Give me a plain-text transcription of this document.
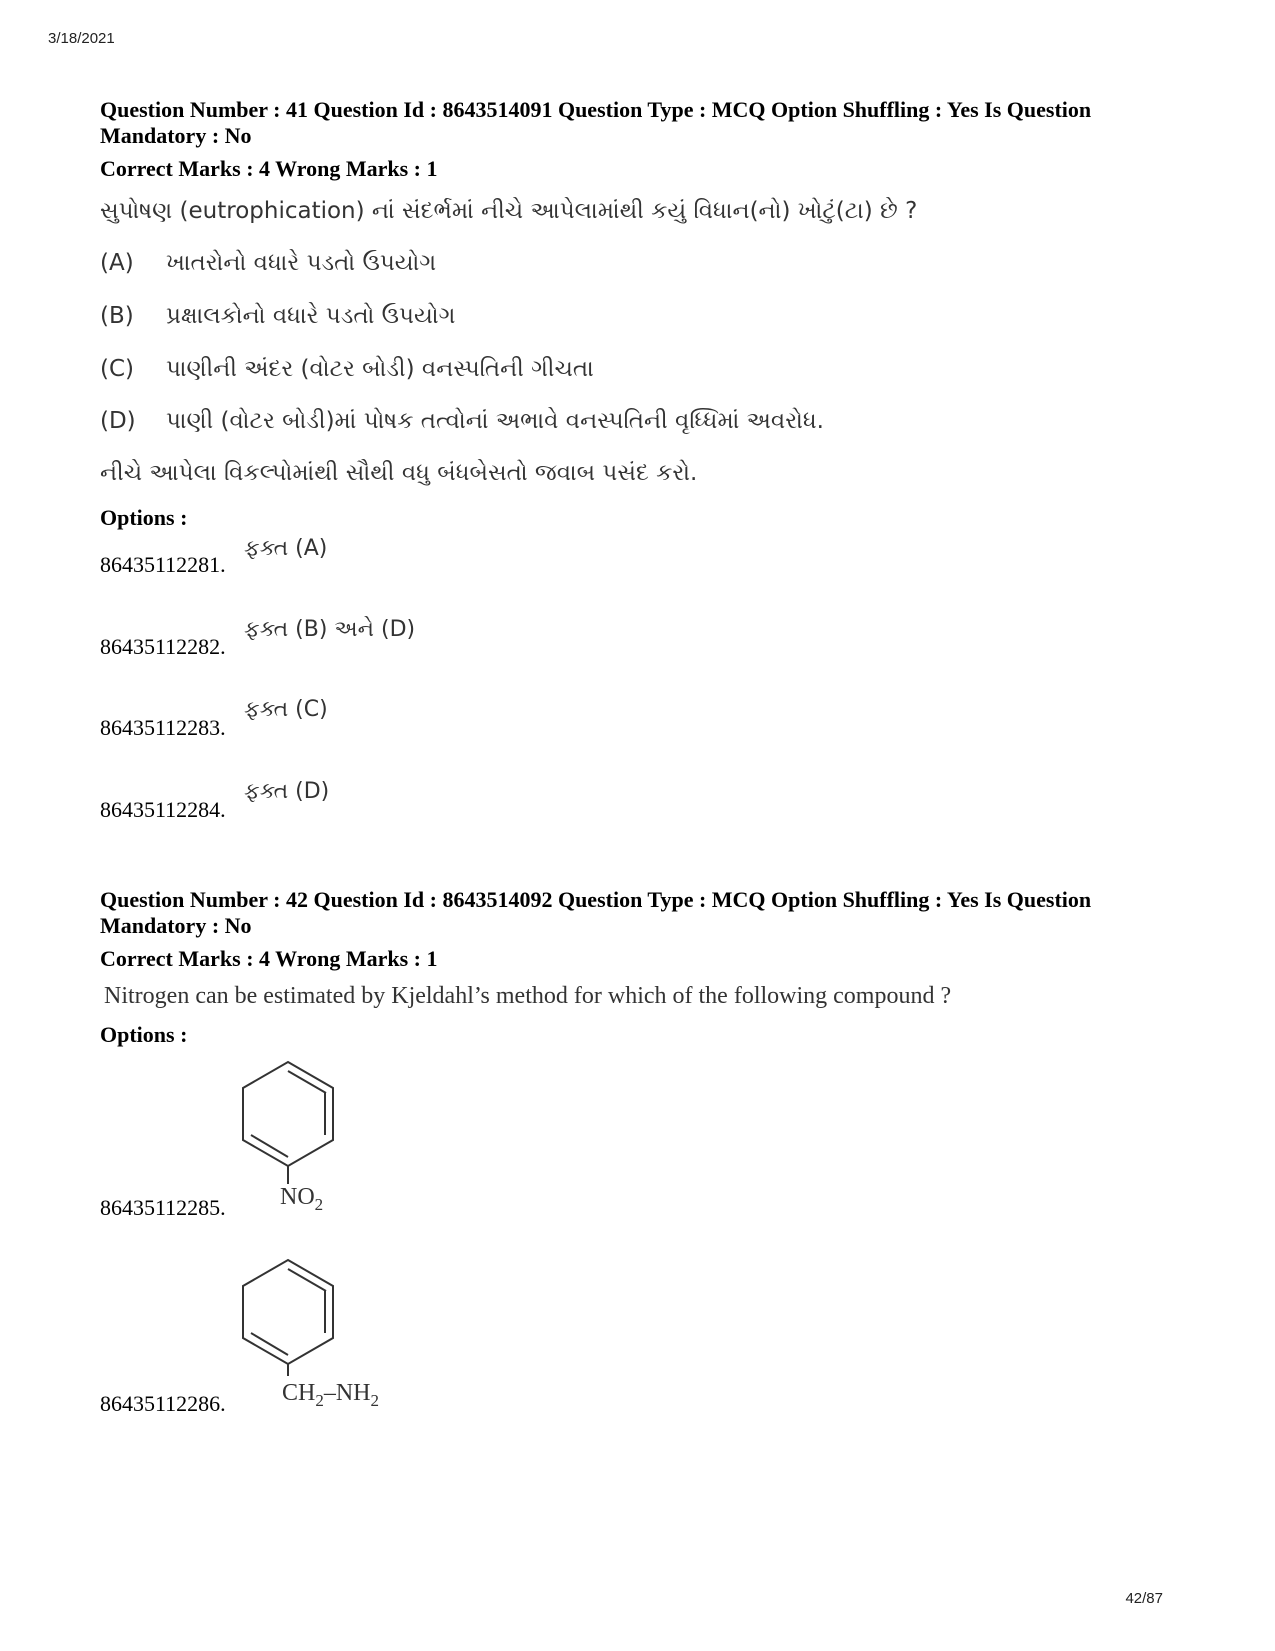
3/18/2021
Question Number : 41 Question Id : 8643514091 Question Type : MCQ Option Shuffling : Yes Is Question
Mandatory : No
Correct Marks : 4 Wrong Marks : 1
સુપોષણ (eutrophication) નાં સંદર્ભમાં નીચે આપેલામાંથી કયું વિધાન(નો) ખોટું(ટા) છે ?
(A) ખાતરોનો વધારે પડતો ઉપયોગ
(B) પ્રક્ષાલકોનો વધારે પડતો ઉપયોગ
(C) પાણીની અંદર (વોટર બોડી) વનસ્પતિની ગીચતા
(D) પાણી (વોટર બોડી)માં પોષક તત્વોનાં અભાવે વનસ્પતિની વૃધ્ધિમાં અવરોધ.
નીચે આપેલા વિકલ્પોમાંથી સૌથી વધુ બંધબેસતો જવાબ પસંદ કરો.
Options :
86435112281.
ફક્ત (A)
86435112282.
ફક્ત (B) અને (D)
86435112283.
ફક્ત (C)
86435112284.
ફક્ત (D)
Question Number : 42 Question Id : 8643514092 Question Type : MCQ Option Shuffling : Yes Is Question
Mandatory : No
Correct Marks : 4 Wrong Marks : 1
Nitrogen can be estimated by Kjeldahl’s method for which of the following compound ?
Options :
86435112285. $NO_2$
86435112286. $CH_2-NH_2$
42/87
